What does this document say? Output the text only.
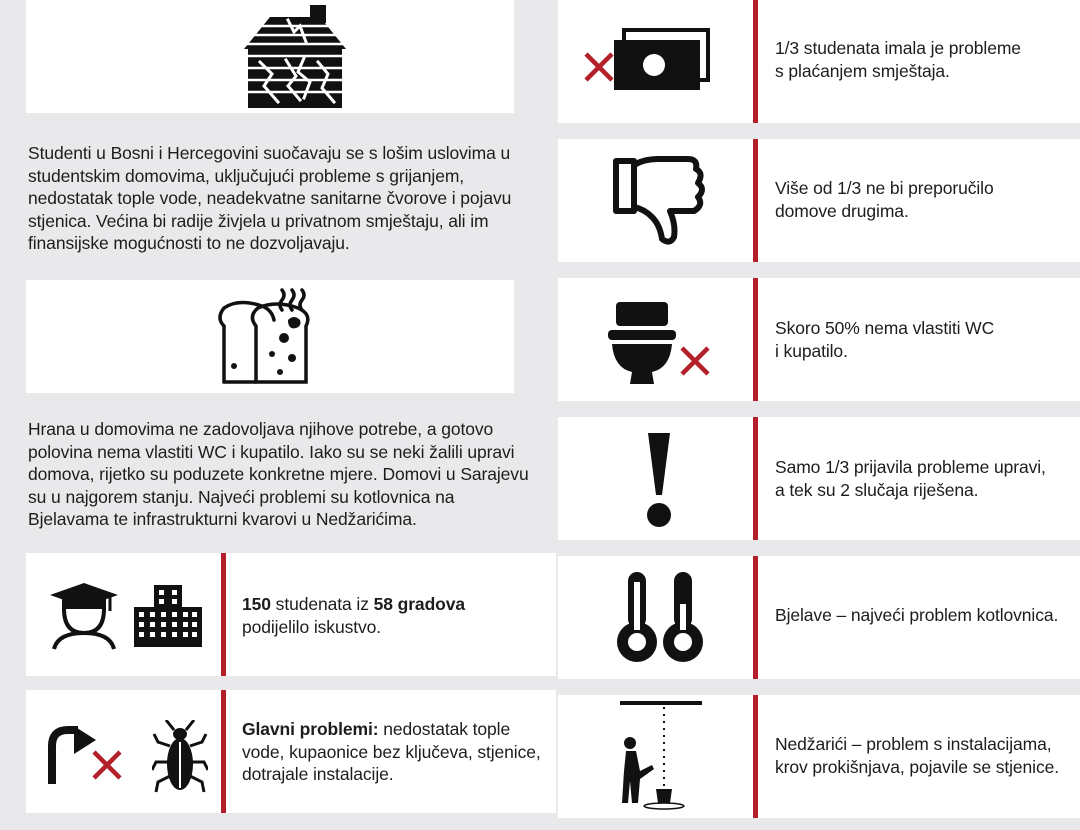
Studenti u Bosni i Hercegovini suočavaju se s lošim uslovima u studentskim domovima, uključujući probleme s grijanjem, nedostatak tople vode, neadekvatne sanitarne čvorove i pojavu stjenica. Većina bi radije živjela u privatnom smještaju, ali im finansijske mogućnosti to ne dozvoljavaju.
Hrana u domovima ne zadovoljava njihove potrebe, a gotovo polovina nema vlastiti WC i kupatilo. Iako su se neki žalili upravi domova, rijetko su poduzete konkretne mjere. Domovi u Sarajevu su u najgorem stanju. Najveći problemi su kotlovnica na Bjelavama te infrastrukturni kvarovi u Nedžarićima.
150 studenata iz 58 gradova
podijelilo iskustvo.
Glavni problemi: nedostatak tople
vode, kupaonice bez ključeva, stjenice,
dotrajale instalacije.
1/3 studenata imala je probleme
s plaćanjem smještaja.
Više od 1/3 ne bi preporučilo
domove drugima.
Skoro 50% nema vlastiti WC
i kupatilo.
Samo 1/3 prijavila probleme upravi,
a tek su 2 slučaja riješena.
Bjelave – najveći problem kotlovnica.
Nedžarići – problem s instalacijama,
krov prokišnjava, pojavile se stjenice.
